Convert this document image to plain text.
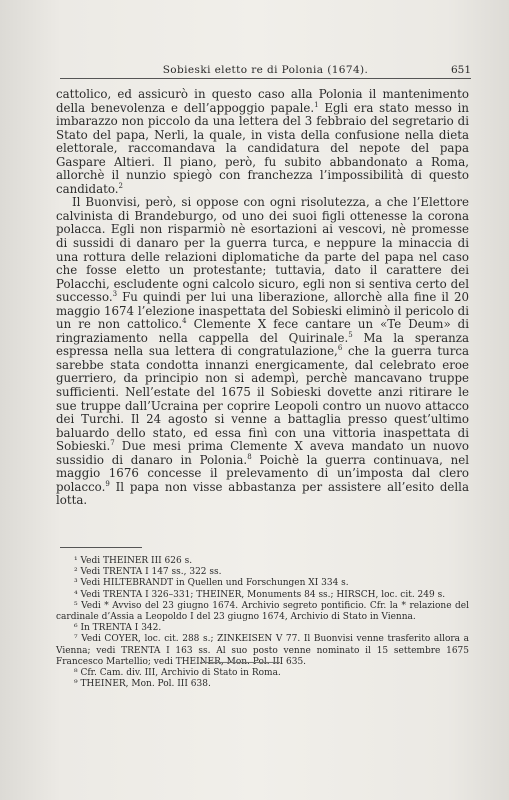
Sobieski eletto re di Polonia (1674).	651

cattolico, ed assicurò in questo caso alla Polonia il mantenimento della benevolenza e dell’appoggio papale.$^1$ Egli era stato messo in imbarazzo non piccolo da una lettera del 3 febbraio del segretario di Stato del papa, Nerli, la quale, in vista della confusione nella dieta elettorale, raccomandava la candidatura del nepote del papa Gaspare Altieri. Il piano, però, fu subito abbandonato a Roma, allorchè il nunzio spiegò con franchezza l’impossibilità di questo candidato.$^2$

Il Buonvisi, però, si oppose con ogni risolutezza, a che l’Elettore calvinista di Brandeburgo, od uno dei suoi figli ottenesse la corona polacca. Egli non risparmiò nè esortazioni ai vescovi, nè promesse di sussidi di danaro per la guerra turca, e neppure la minaccia di una rottura delle relazioni diplomatiche da parte del papa nel caso che fosse eletto un protestante; tuttavia, dato il carattere dei Polacchi, escludente ogni calcolo sicuro, egli non si sentiva certo del successo.$^3$ Fu quindi per lui una liberazione, allorchè alla fine il 20 maggio 1674 l’elezione inaspettata del Sobieski eliminò il pericolo di un re non cattolico.$^4$ Clemente X fece cantare un «Te Deum» di ringraziamento nella cappella del Quirinale.$^5$ Ma la speranza espressa nella sua lettera di congratulazione,$^6$ che la guerra turca sarebbe stata condotta innanzi energicamente, dal celebrato eroe guerriero, da principio non si adempì, perchè mancavano truppe sufficienti. Nell’estate del 1675 il Sobieski dovette anzi ritirare le sue truppe dall’Ucraina per coprire Leopoli contro un nuovo attacco dei Turchi. Il 24 agosto si venne a battaglia presso quest’ultimo baluardo dello stato, ed essa finì con una vittoria inaspettata di Sobieski.$^7$ Due mesi prima Clemente X aveva mandato un nuovo sussidio di danaro in Polonia.$^8$ Poichè la guerra continuava, nel maggio 1676 concesse il prelevamento di un’imposta dal clero polacco.$^9$ Il papa non visse abbastanza per assistere all’esito della lotta.

¹ Vedi THEINER III 626 s.

² Vedi TRENTA I 147 ss., 322 ss.

³ Vedi HILTEBRANDT in Quellen und Forschungen XI 334 s.

⁴ Vedi TRENTA I 326–331; THEINER, Monuments 84 ss.; HIRSCH, loc. cit. 249 s.

⁵ Vedi * Avviso del 23 giugno 1674. Archivio segreto pontificio. Cfr. la * relazione del cardinale d’Assia a Leopoldo I del 23 giugno 1674, Archivio di Stato in Vienna.

⁶ In TRENTA I 342.

⁷ Vedi COYER, loc. cit. 288 s.; ZINKEISEN V 77. Il Buonvisi venne trasferito allora a Vienna; vedi TRENTA I 163 ss. Al suo posto venne nominato il 15 settembre 1675 Francesco Martellio; vedi THEINER, Mon. Pol. III 635.

⁸ Cfr. Cam. div. III, Archivio di Stato in Roma.

⁹ THEINER, Mon. Pol. III 638.
